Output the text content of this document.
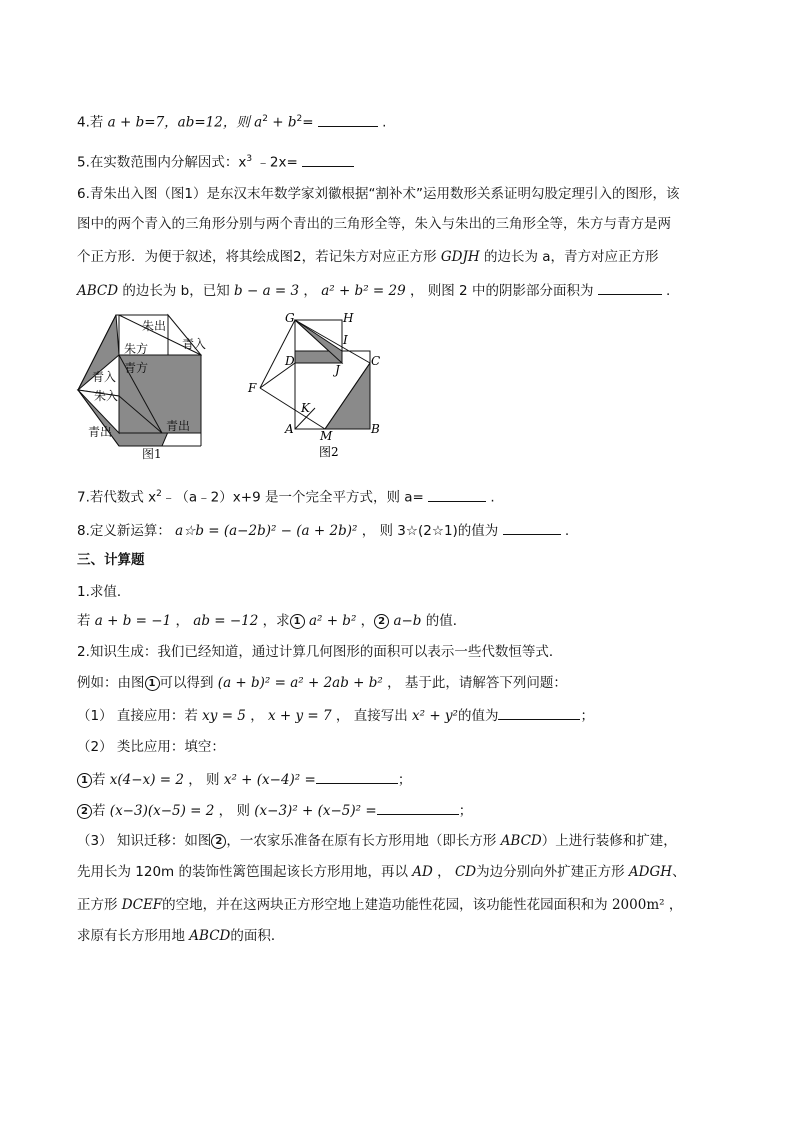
4.若 a + b=7，ab=12，则 $a^2 + b^2=$	.
5.在实数范围内分解因式：$x^3$ ﹣2x=
6.青朱出入图（图1）是东汉末年数学家刘徽根据“割补术”运用数形关系证明勾股定理引入的图形，该
图中的两个青入的三角形分别与两个青出的三角形全等，朱入与朱出的三角形全等，朱方与青方是两
个正方形．为便于叙述，将其绘成图2，若记朱方对应正方形 GDJH 的边长为 a，青方对应正方形
ABCD 的边长为 b，已知 b − a = 3 ， a² + b² = 29 ， 则图 2 中的阴影部分面积为	.
朱出
青入
朱方
青方
青入
朱入
青出
青出
图1
G	H
I
D
J
C
F
K
A M	B
图2
7.若代数式 $x^2﹣(a﹣2)x+9$ 是一个完全平方式，则 a=	.
8.定义新运算： a☆b = (a−2b)² − (a + 2b)² ， 则 3☆(2☆1)的值为	.
三、计算题
1.求值．
若 a + b = −1 ， ab = −12 ，求 1 a² + b² ， 2 a−b 的值．
2.知识生成：我们已经知道，通过计算几何图形的面积可以表示一些代数恒等式．
例如：由图 1 可以得到 (a + b)² = a² + 2ab + b² ， 基于此，请解答下列问题：
（1） 直接应用：若 xy = 5 ， x + y = 7 ， 直接写出 x² + y²的值为	；
（2） 类比应用：填空：
1 若 x(4−x) = 2 ， 则 x² + (x−4)² =	；
2 若 (x−3)(x−5) = 2 ， 则 (x−3)² + (x−5)² =	；
（3） 知识迁移：如图 2 ，一农家乐准备在原有长方形用地（即长方形 ABCD）上进行装修和扩建，
先用长为 120m 的装饰性篱笆围起该长方形用地，再以 AD ， CD为边分别向外扩建正方形 ADGH、
正方形 DCEF的空地，并在这两块正方形空地上建造功能性花园，该功能性花园面积和为 2000m² ，
求原有长方形用地 ABCD的面积．
